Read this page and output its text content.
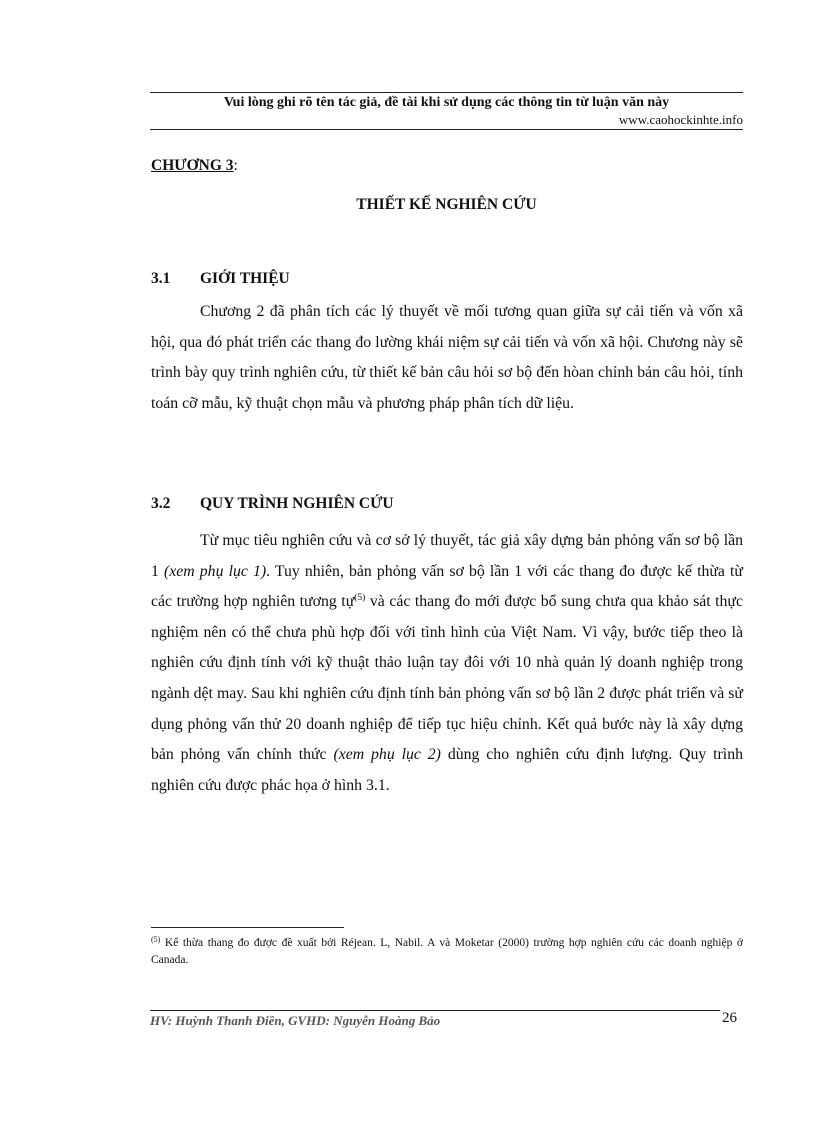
Vui lòng ghi rõ tên tác giả, đề tài khi sử dụng các thông tin từ luận văn này
www.caohockinhte.info
CHƯƠNG 3:
THIẾT KẾ NGHIÊN CỨU
3.1 GIỚI THIỆU

Chương 2 đã phân tích các lý thuyết về mối tương quan giữa sự cải tiến và vốn xã hội, qua đó phát triển các thang đo lường khái niệm sự cải tiến và vốn xã hội. Chương này sẽ trình bày quy trình nghiên cứu, từ thiết kế bản câu hỏi sơ bộ đến hòan chỉnh bản câu hỏi, tính toán cỡ mẫu, kỹ thuật chọn mẫu và phương pháp phân tích dữ liệu.

3.2 QUY TRÌNH NGHIÊN CỨU

Từ mục tiêu nghiên cứu và cơ sở lý thuyết, tác giả xây dựng bản phỏng vấn sơ bộ lần 1 (xem phụ lục 1). Tuy nhiên, bản phỏng vấn sơ bộ lần 1 với các thang đo được kế thừa từ các trường hợp nghiên tương tự$^{(5)}$ và các thang đo mới được bổ sung chưa qua khảo sát thực nghiệm nên có thể chưa phù hợp đối với tình hình của Việt Nam. Vì vậy, bước tiếp theo là nghiên cứu định tính với kỹ thuật thảo luận tay đôi với 10 nhà quản lý doanh nghiệp trong ngành dệt may. Sau khi nghiên cứu định tính bản phỏng vấn sơ bộ lần 2 được phát triển và sử dụng phỏng vấn thử 20 doanh nghiệp để tiếp tục hiệu chỉnh. Kết quả bước này là xây dựng bản phỏng vấn chính thức (xem phụ lục 2) dùng cho nghiên cứu định lượng. Quy trình nghiên cứu được phác họa ở hình 3.1.

$^{(5)}$ Kế thừa thang đo được đề xuất bởi Réjean. L, Nabil. A và Moketar (2000) trường hợp nghiên cứu các doanh nghiệp ở Canada.

HV: Huỳnh Thanh Điền, GVHD: Nguyễn Hoàng Bảo	26
